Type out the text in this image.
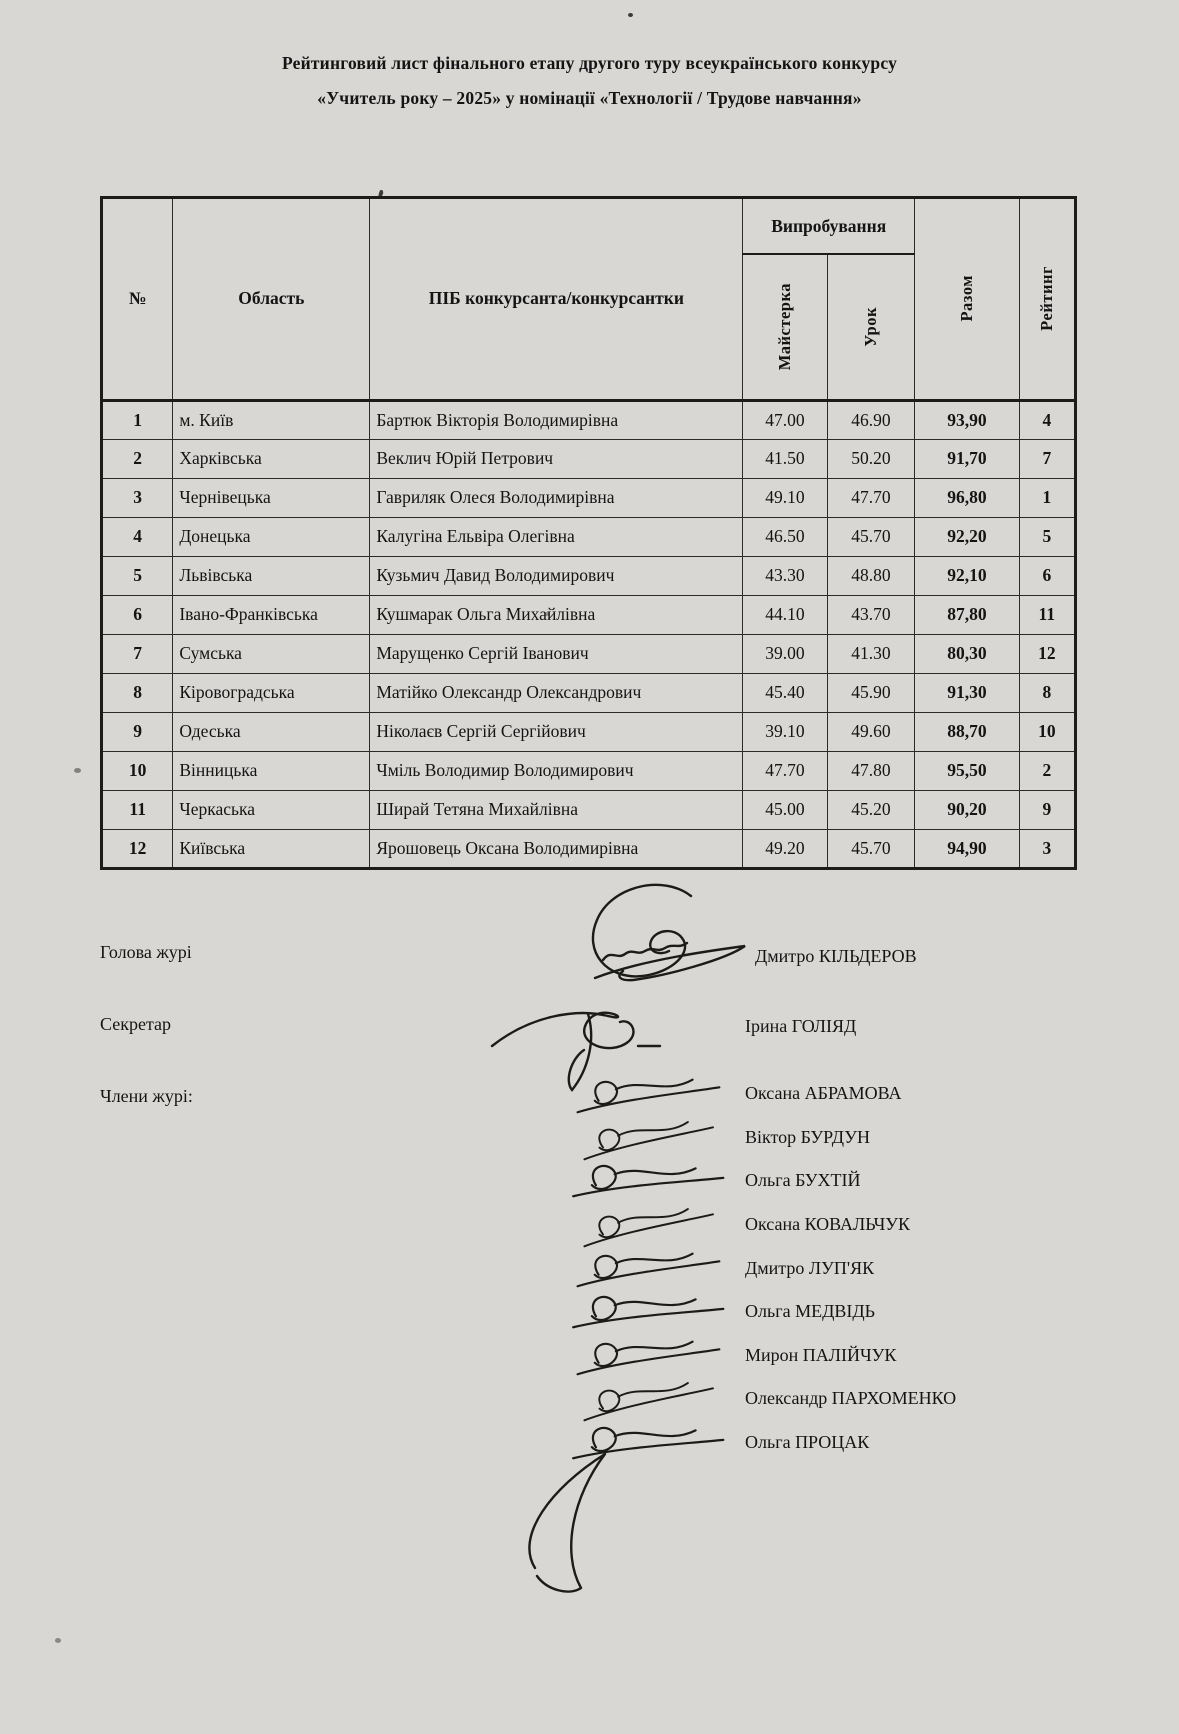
Рейтинговий лист фінального етапу другого туру всеукраїнського конкурсу
«Учитель року – 2025» у номінації «Технології / Трудове навчання»
№	Область	ПІБ конкурсанта/конкурсантки	Випробування		Разом	Рейтинг

			Майстерка	Урок		

1	м. Київ	Бартюк Вікторія Володимирівна	47.00	46.90	93,90	4
2	Харківська	Веклич Юрій Петрович	41.50	50.20	91,70	7
3	Чернівецька	Гавриляк Олеся Володимирівна	49.10	47.70	96,80	1
4	Донецька	Калугіна Ельвіра Олегівна	46.50	45.70	92,20	5
5	Львівська	Кузьмич Давид Володимирович	43.30	48.80	92,10	6
6	Івано-Франківська	Кушмарак Ольга Михайлівна	44.10	43.70	87,80	11
7	Сумська	Марущенко Сергій Іванович	39.00	41.30	80,30	12
8	Кіровоградська	Матійко Олександр Олександрович	45.40	45.90	91,30	8
9	Одеська	Ніколаєв Сергій Сергійович	39.10	49.60	88,70	10
10	Вінницька	Чміль Володимир Володимирович	47.70	47.80	95,50	2
11	Черкаська	Ширай Тетяна Михайлівна	45.00	45.20	90,20	9
12	Київська	Ярошовець Оксана Володимирівна	49.20	45.70	94,90	3
Голова журі	Дмитро КІЛЬДЕРОВ
Секретар	Ірина ГОЛІЯД
Члени журі:	Оксана АБРАМОВА
Віктор БУРДУН
Ольга БУХТІЙ
Оксана КОВАЛЬЧУК
Дмитро ЛУП'ЯК
Ольга МЕДВІДЬ
Мирон ПАЛІЙЧУК
Олександр ПАРХОМЕНКО
Ольга ПРОЦАК
